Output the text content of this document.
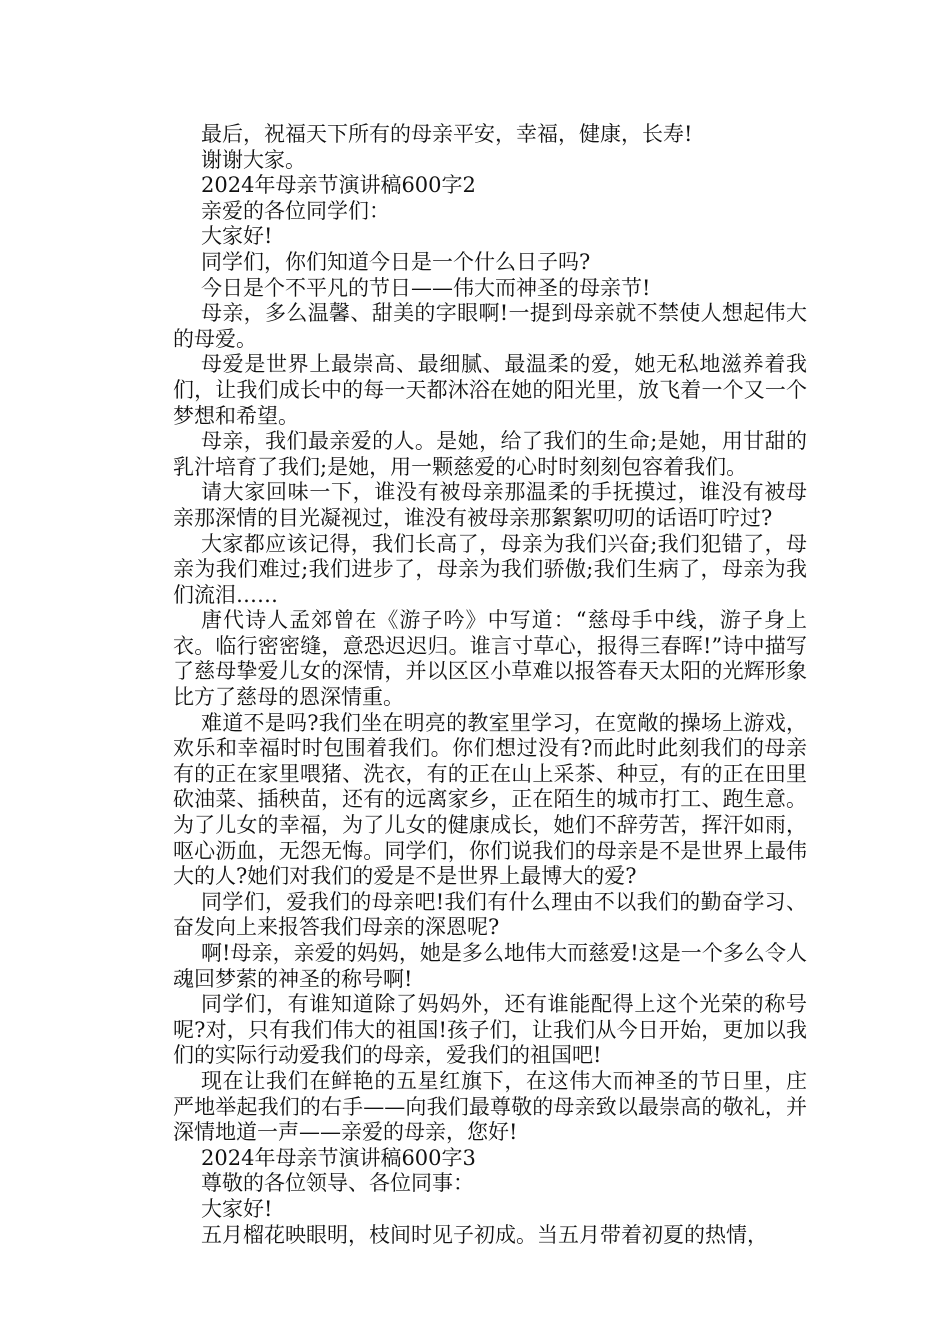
最后，祝福天下所有的母亲平安，幸福，健康，长寿!

谢谢大家。

2024年母亲节演讲稿600字2

亲爱的各位同学们：

大家好!

同学们，你们知道今日是一个什么日子吗?

今日是个不平凡的节日——伟大而神圣的母亲节!

母亲，多么温馨、甜美的字眼啊!一提到母亲就不禁使人想起伟大的母爱。

母爱是世界上最崇高、最细腻、最温柔的爱，她无私地滋养着我们，让我们成长中的每一天都沐浴在她的阳光里，放飞着一个又一个梦想和希望。

母亲，我们最亲爱的人。是她，给了我们的生命;是她，用甘甜的乳汁培育了我们;是她，用一颗慈爱的心时时刻刻包容着我们。

请大家回味一下，谁没有被母亲那温柔的手抚摸过，谁没有被母亲那深情的目光凝视过，谁没有被母亲那絮絮叨叨的话语叮咛过?

大家都应该记得，我们长高了，母亲为我们兴奋;我们犯错了，母亲为我们难过;我们进步了，母亲为我们骄傲;我们生病了，母亲为我们流泪……

唐代诗人孟郊曾在《游子吟》中写道：“慈母手中线，游子身上衣。临行密密缝，意恐迟迟归。谁言寸草心，报得三春晖!”诗中描写了慈母挚爱儿女的深情，并以区区小草难以报答春天太阳的光辉形象比方了慈母的恩深情重。

难道不是吗?我们坐在明亮的教室里学习，在宽敞的操场上游戏，欢乐和幸福时时包围着我们。你们想过没有?而此时此刻我们的母亲有的正在家里喂猪、洗衣，有的正在山上采茶、种豆，有的正在田里砍油菜、插秧苗，还有的远离家乡，正在陌生的城市打工、跑生意。为了儿女的幸福，为了儿女的健康成长，她们不辞劳苦，挥汗如雨，呕心沥血，无怨无悔。同学们，你们说我们的母亲是不是世界上最伟大的人?她们对我们的爱是不是世界上最博大的爱?

同学们，爱我们的母亲吧!我们有什么理由不以我们的勤奋学习、奋发向上来报答我们母亲的深恩呢?

啊!母亲，亲爱的妈妈，她是多么地伟大而慈爱!这是一个多么令人魂回梦萦的神圣的称号啊!

同学们，有谁知道除了妈妈外，还有谁能配得上这个光荣的称号呢?对，只有我们伟大的祖国!孩子们，让我们从今日开始，更加以我们的实际行动爱我们的母亲，爱我们的祖国吧!

现在让我们在鲜艳的五星红旗下，在这伟大而神圣的节日里，庄严地举起我们的右手——向我们最尊敬的母亲致以最崇高的敬礼，并深情地道一声——亲爱的母亲，您好!

2024年母亲节演讲稿600字3

尊敬的各位领导、各位同事：

大家好!

五月榴花映眼明，枝间时见子初成。当五月带着初夏的热情，
